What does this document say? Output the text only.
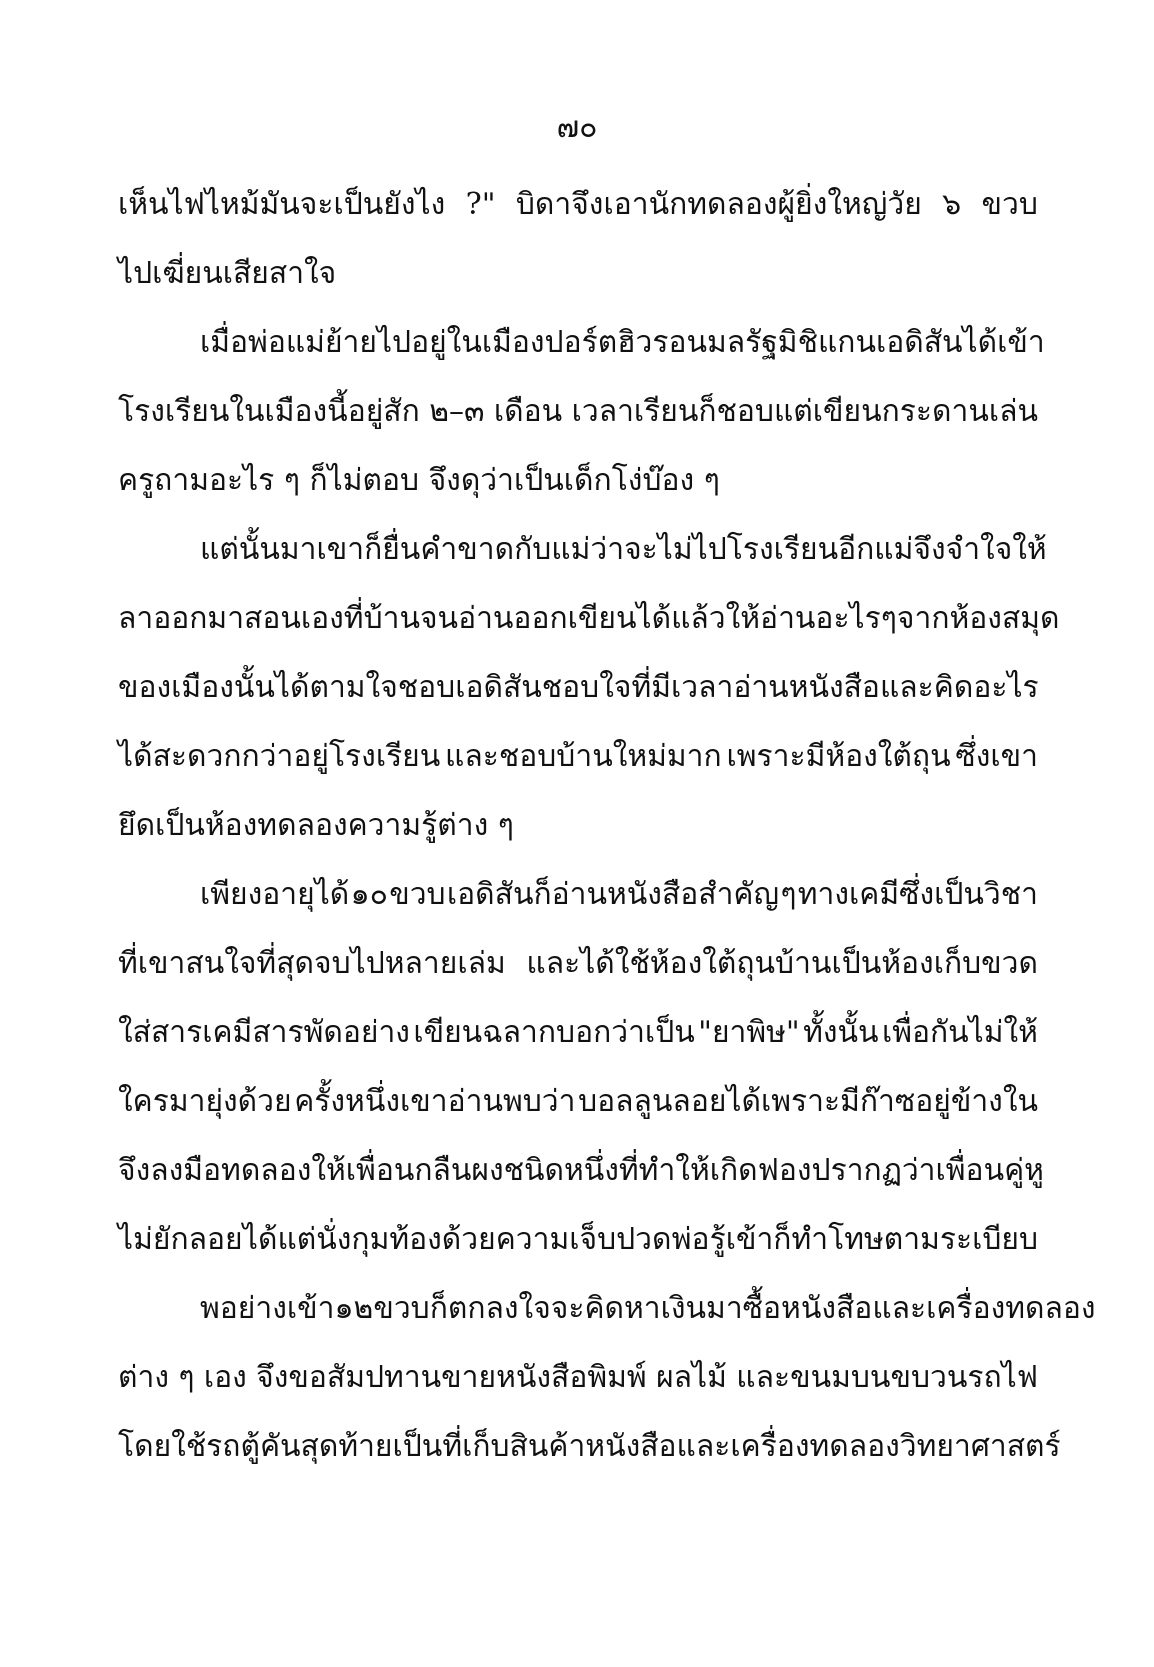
๗๐
เห็นไฟไหม้มันจะเป็นยังไง ?" บิดาจึงเอานักทดลองผู้ยิ่งใหญ่วัย ๖ ขวบ
ไปเฆี่ยนเสียสาใจ
เมื่อพ่อแม่ย้ายไปอยู่ในเมืองปอร์ตฮิวรอน มลรัฐมิชิแกน เอดิสันได้เข้า
โรงเรียนในเมืองนี้อยู่สัก ๒–๓ เดือน เวลาเรียนก็ชอบแต่เขียนกระดานเล่น
ครูถามอะไร ๆ ก็ไม่ตอบ จึงดุว่าเป็นเด็กโง่บ๊อง ๆ
แต่นั้นมาเขาก็ยื่นคำขาดกับแม่ว่าจะไม่ไปโรงเรียนอีก แม่จึงจำใจให้
ลาออกมาสอนเองที่บ้านจนอ่านออกเขียนได้ แล้วให้อ่านอะไร ๆ จากห้องสมุด
ของเมืองนั้นได้ตามใจชอบ เอดิสันชอบใจที่มีเวลาอ่านหนังสือและคิดอะไร
ได้สะดวกกว่าอยู่โรงเรียน และชอบบ้านใหม่มาก เพราะมีห้องใต้ถุน ซึ่งเขา
ยึดเป็นห้องทดลองความรู้ต่าง ๆ
เพียงอายุได้ ๑๐ ขวบ เอดิสันก็อ่านหนังสือสำคัญ ๆ ทางเคมีซึ่งเป็นวิชา
ที่เขาสนใจที่สุดจบไปหลายเล่ม และได้ใช้ห้องใต้ถุนบ้านเป็นห้องเก็บขวด
ใส่สารเคมีสารพัดอย่าง เขียนฉลากบอกว่าเป็น "ยาพิษ" ทั้งนั้น เพื่อกันไม่ให้
ใครมายุ่งด้วย ครั้งหนึ่งเขาอ่านพบว่า บอลลูนลอยได้เพราะมีก๊าซอยู่ข้างใน
จึงลงมือทดลองให้เพื่อนกลืนผงชนิดหนึ่งที่ทำให้เกิดฟอง ปรากฏว่าเพื่อนคู่หู
ไม่ยักลอย ได้แต่นั่งกุมท้องด้วยความเจ็บปวด พ่อรู้เข้าก็ทำโทษตามระเบียบ
พอย่างเข้า ๑๒ ขวบ ก็ตกลงใจจะคิดหาเงินมาซื้อหนังสือและเครื่องทดลอง
ต่าง ๆ เอง จึงขอสัมปทานขายหนังสือพิมพ์ ผลไม้ และขนมบนขบวนรถไฟ
โดยใช้รถตู้คันสุดท้ายเป็นที่เก็บสินค้า หนังสือและเครื่องทดลองวิทยาศาสตร์
